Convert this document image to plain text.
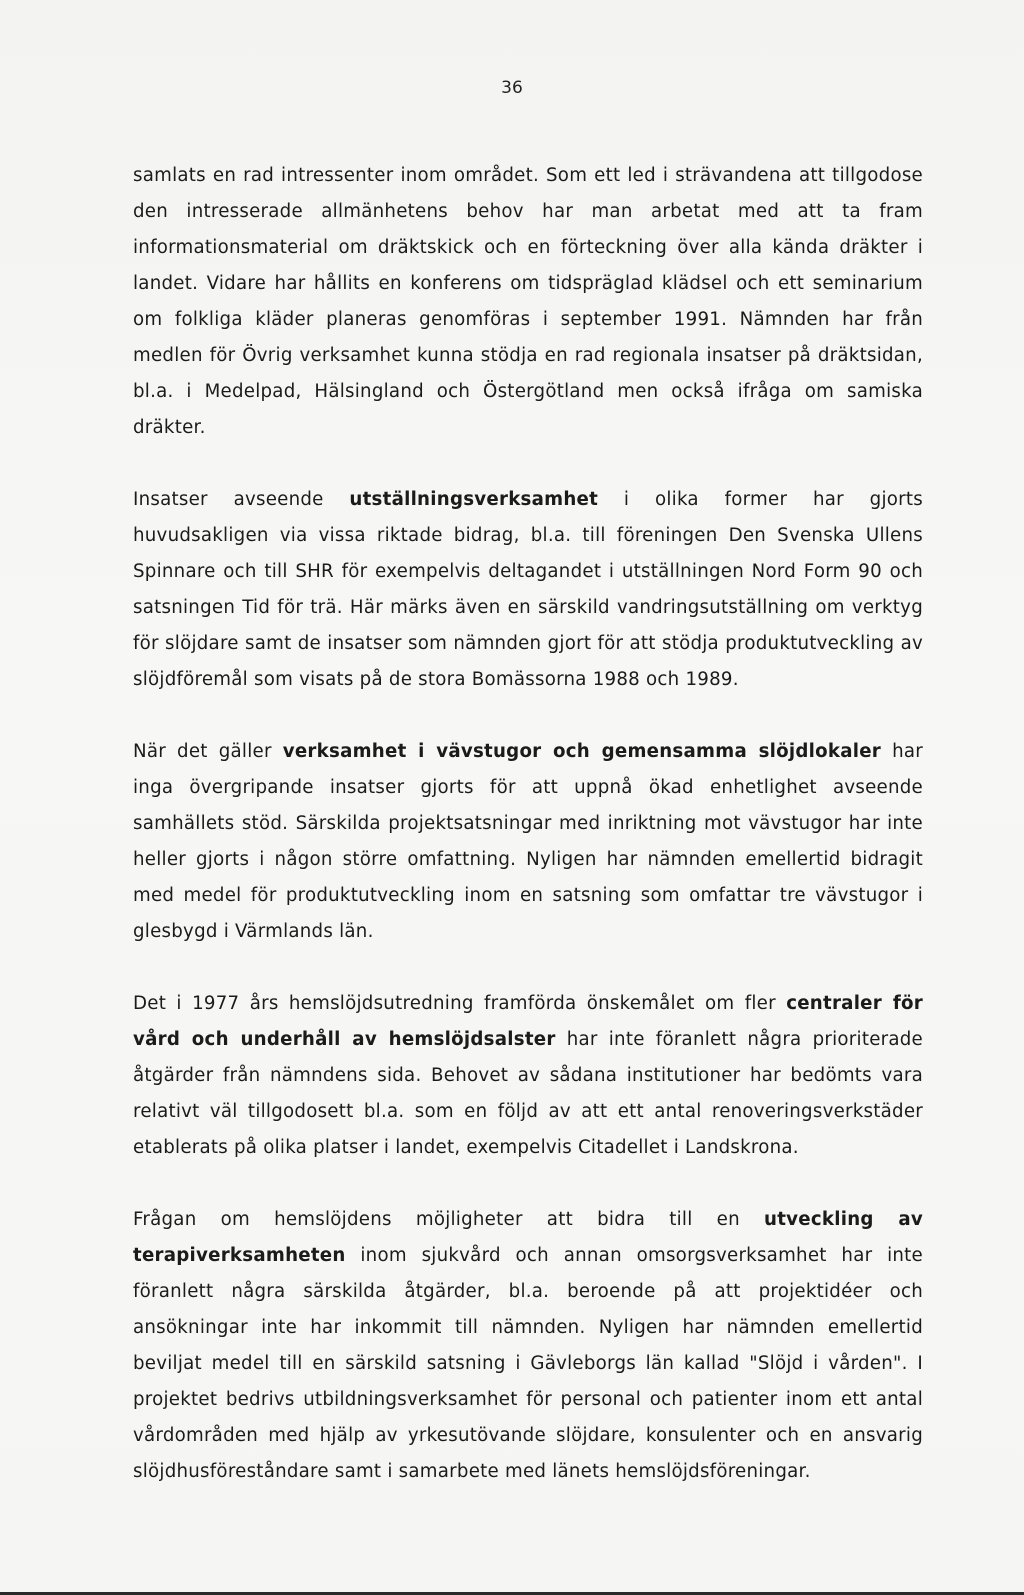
36

samlats en rad intressenter inom området. Som ett led i strävandena att tillgodose den intresserade allmänhetens behov har man arbetat med att ta fram informationsmaterial om dräktskick och en förteckning över alla kända dräkter i landet. Vidare har hållits en konferens om tidspräglad klädsel och ett seminarium om folkliga kläder planeras genomföras i september 1991. Nämnden har från medlen för Övrig verksamhet kunna stödja en rad regionala insatser på dräktsidan, bl.a. i Medelpad, Hälsingland och Östergötland men också ifråga om samiska dräkter.

Insatser avseende utställningsverksamhet i olika former har gjorts huvudsakligen via vissa riktade bidrag, bl.a. till föreningen Den Svenska Ullens Spinnare och till SHR för exempelvis deltagandet i utställningen Nord Form 90 och satsningen Tid för trä. Här märks även en särskild vandringsutställning om verktyg för slöjdare samt de insatser som nämnden gjort för att stödja produktutveckling av slöjdföremål som visats på de stora Bomässorna 1988 och 1989.

När det gäller verksamhet i vävstugor och gemensamma slöjdlokaler har inga övergripande insatser gjorts för att uppnå ökad enhetlighet avseende samhällets stöd. Särskilda projektsatsningar med inriktning mot vävstugor har inte heller gjorts i någon större omfattning. Nyligen har nämnden emellertid bidragit med medel för produktutveckling inom en satsning som omfattar tre vävstugor i glesbygd i Värmlands län.

Det i 1977 års hemslöjdsutredning framförda önskemålet om fler centraler för vård och underhåll av hemslöjdsalster har inte föranlett några prioriterade åtgärder från nämndens sida. Behovet av sådana institutioner har bedömts vara relativt väl tillgodosett bl.a. som en följd av att ett antal renoveringsverkstäder etablerats på olika platser i landet, exempelvis Citadellet i Landskrona.

Frågan om hemslöjdens möjligheter att bidra till en utveckling av terapiverksamheten inom sjukvård och annan omsorgsverksamhet har inte föranlett några särskilda åtgärder, bl.a. beroende på att projektidéer och ansökningar inte har inkommit till nämnden. Nyligen har nämnden emellertid beviljat medel till en särskild satsning i Gävleborgs län kallad "Slöjd i vården". I projektet bedrivs utbildningsverksamhet för personal och patienter inom ett antal vårdområden med hjälp av yrkesutövande slöjdare, konsulenter och en ansvarig slöjdhusföreståndare samt i samarbete med länets hemslöjdsföreningar.
